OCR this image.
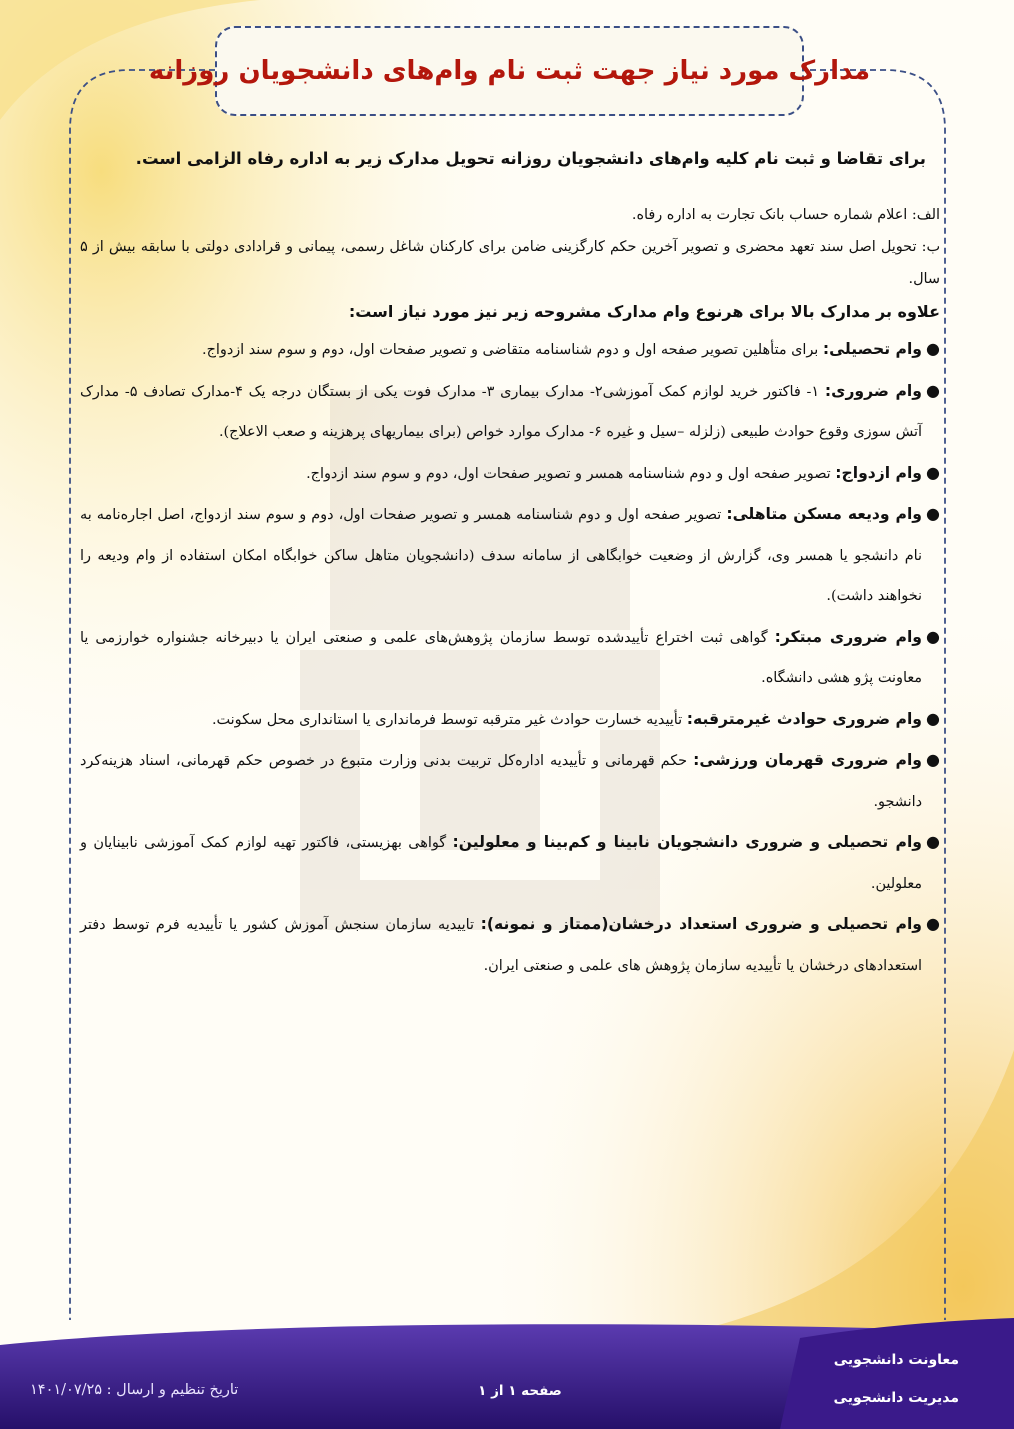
مدارک مورد نیاز جهت ثبت نام وام‌های دانشجویان روزانه

برای تقاضا و ثبت نام کلیه وام‌های دانشجویان روزانه تحویل مدارک زیر به اداره رفاه الزامی است.

الف: اعلام شماره حساب بانک تجارت به اداره رفاه.

ب: تحویل اصل سند تعهد محضری و تصویر آخرین حکم کارگزینی ضامن برای کارکنان شاغل رسمی، پیمانی و قرادادی دولتی با سابقه بیش از ۵ سال.

علاوه بر مدارک بالا برای هرنوع وام مدارک مشروحه زیر نیز مورد نیاز است:

●
وام تحصیلی: برای متأهلین تصویر صفحه اول و دوم شناسنامه متقاضی و تصویر صفحات اول، دوم و سوم سند ازدواج.

●
وام ضروری: ۱- فاکتور خرید لوازم کمک آموزشی۲- مدارک بیماری ۳- مدارک فوت یکی از بستگان درجه یک ۴-مدارک تصادف ۵- مدارک آتش سوزی وقوع حوادث طبیعی (زلزله –سیل و غیره ۶- مدارک موارد خواص (برای بیماریهای پرهزینه و صعب الاعلاج).

●
وام ازدواج: تصویر صفحه اول و دوم شناسنامه همسر و تصویر صفحات اول، دوم و سوم سند ازدواج.

●
وام ودیعه مسکن متاهلی: تصویر صفحه اول و دوم شناسنامه همسر و تصویر صفحات اول، دوم و سوم سند ازدواج، اصل اجاره‌نامه به نام دانشجو یا همسر وی، گزارش از وضعیت خوابگاهی از سامانه سدف (دانشجویان متاهل ساکن خوابگاه امکان استفاده از وام ودیعه را نخواهند داشت).

●
وام ضروری مبتکر: گواهی ثبت اختراع تأییدشده توسط سازمان پژوهش‌های علمی و صنعتی ایران یا دبیرخانه جشنواره خوارزمی یا معاونت پژو هشی دانشگاه.

●
وام ضروری حوادث غیرمترقبه: تأییدیه خسارت حوادث غیر مترقبه توسط فرمانداری یا استانداری محل سکونت.

●
وام ضروری قهرمان ورزشی: حکم قهرمانی و تأییدیه اداره‌کل تربیت بدنی وزارت متبوع در خصوص حکم قهرمانی، اسناد هزینه‌کرد دانشجو.

●
وام تحصیلی و ضروری دانشجویان نابینا و کم‌بینا و معلولین: گواهی بهزیستی، فاکتور تهیه لوازم کمک آموزشی نابینایان و معلولین.

●
وام تحصیلی و ضروری استعداد درخشان(ممتاز و نمونه): تاییدیه سازمان سنجش آموزش کشور یا تأییدیه فرم توسط دفتر استعدادهای درخشان یا تأییدیه سازمان پژوهش های علمی و صنعتی ایران.

معاونت دانشجویی
مدیریت دانشجویی
صفحه ۱ از ۱
تاریخ تنظیم و ارسال : ۱۴۰۱/۰۷/۲۵
